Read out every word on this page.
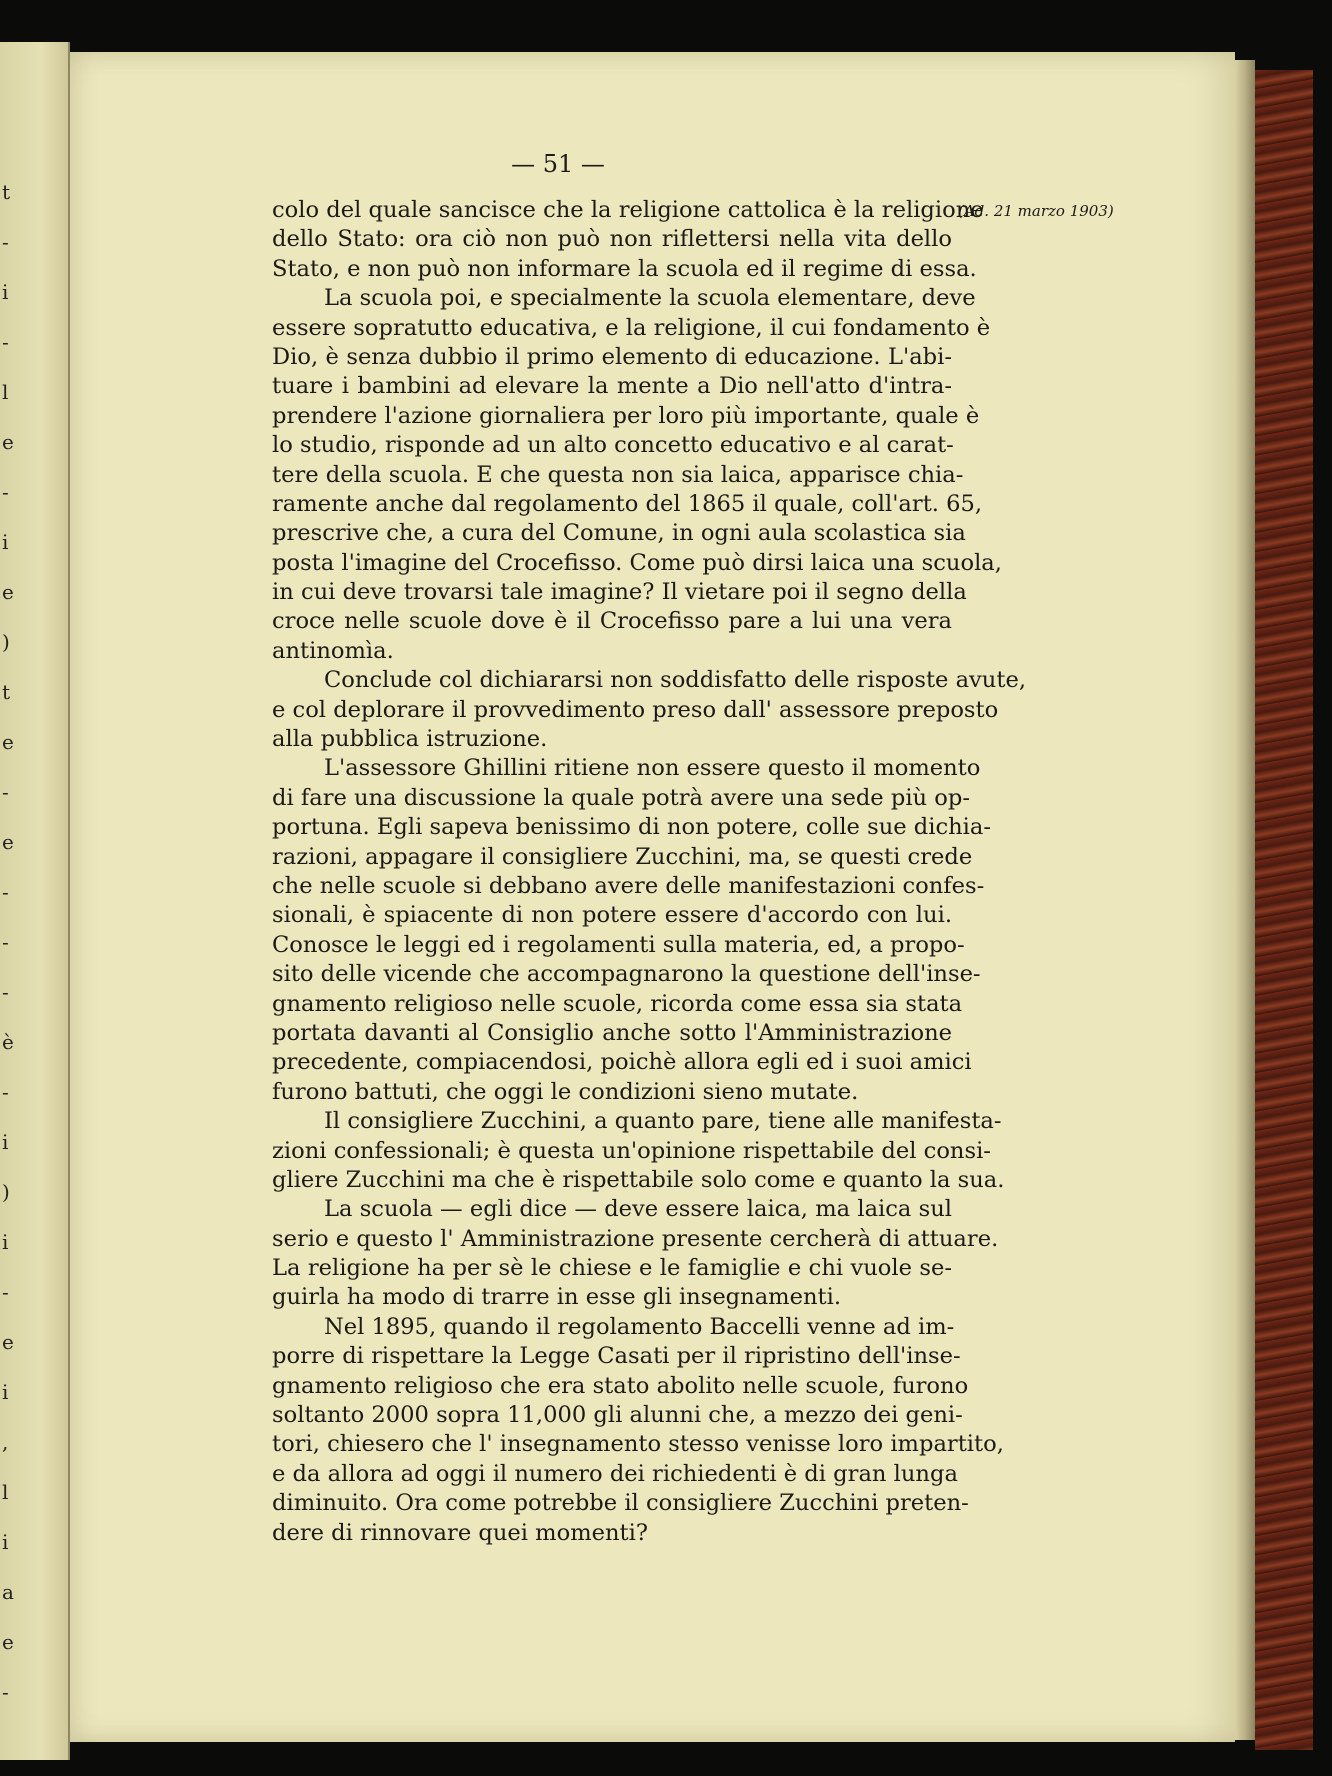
t
-
i
-
l
e
-
i
e
)
t
e
-
e
-
-
-
è
-
i
)
i
-
e
i
,
l
i
a
e
-
— 51 —
(Ad. 21 marzo 1903)
colo del quale sancisce che la religione cattolica è la religione
dello Stato: ora ciò non può non riflettersi nella vita dello
Stato, e non può non informare la scuola ed il regime di essa.
La scuola poi, e specialmente la scuola elementare, deve
essere sopratutto educativa, e la religione, il cui fondamento è
Dio, è senza dubbio il primo elemento di educazione. L'abi-
tuare i bambini ad elevare la mente a Dio nell'atto d'intra-
prendere l'azione giornaliera per loro più importante, quale è
lo studio, risponde ad un alto concetto educativo e al carat-
tere della scuola. E che questa non sia laica, apparisce chia-
ramente anche dal regolamento del 1865 il quale, coll'art. 65,
prescrive che, a cura del Comune, in ogni aula scolastica sia
posta l'imagine del Crocefisso. Come può dirsi laica una scuola,
in cui deve trovarsi tale imagine? Il vietare poi il segno della
croce nelle scuole dove è il Crocefisso pare a lui una vera
antinomìa.
Conclude col dichiararsi non soddisfatto delle risposte avute,
e col deplorare il provvedimento preso dall' assessore preposto
alla pubblica istruzione.
L'assessore Ghillini ritiene non essere questo il momento
di fare una discussione la quale potrà avere una sede più op-
portuna. Egli sapeva benissimo di non potere, colle sue dichia-
razioni, appagare il consigliere Zucchini, ma, se questi crede
che nelle scuole si debbano avere delle manifestazioni confes-
sionali, è spiacente di non potere essere d'accordo con lui.
Conosce le leggi ed i regolamenti sulla materia, ed, a propo-
sito delle vicende che accompagnarono la questione dell'inse-
gnamento religioso nelle scuole, ricorda come essa sia stata
portata davanti al Consiglio anche sotto l'Amministrazione
precedente, compiacendosi, poichè allora egli ed i suoi amici
furono battuti, che oggi le condizioni sieno mutate.
Il consigliere Zucchini, a quanto pare, tiene alle manifesta-
zioni confessionali; è questa un'opinione rispettabile del consi-
gliere Zucchini ma che è rispettabile solo come e quanto la sua.
La scuola — egli dice — deve essere laica, ma laica sul
serio e questo l' Amministrazione presente cercherà di attuare.
La religione ha per sè le chiese e le famiglie e chi vuole se-
guirla ha modo di trarre in esse gli insegnamenti.
Nel 1895, quando il regolamento Baccelli venne ad im-
porre di rispettare la Legge Casati per il ripristino dell'inse-
gnamento religioso che era stato abolito nelle scuole, furono
soltanto 2000 sopra 11,000 gli alunni che, a mezzo dei geni-
tori, chiesero che l' insegnamento stesso venisse loro impartito,
e da allora ad oggi il numero dei richiedenti è di gran lunga
diminuito. Ora come potrebbe il consigliere Zucchini preten-
dere di rinnovare quei momenti?
